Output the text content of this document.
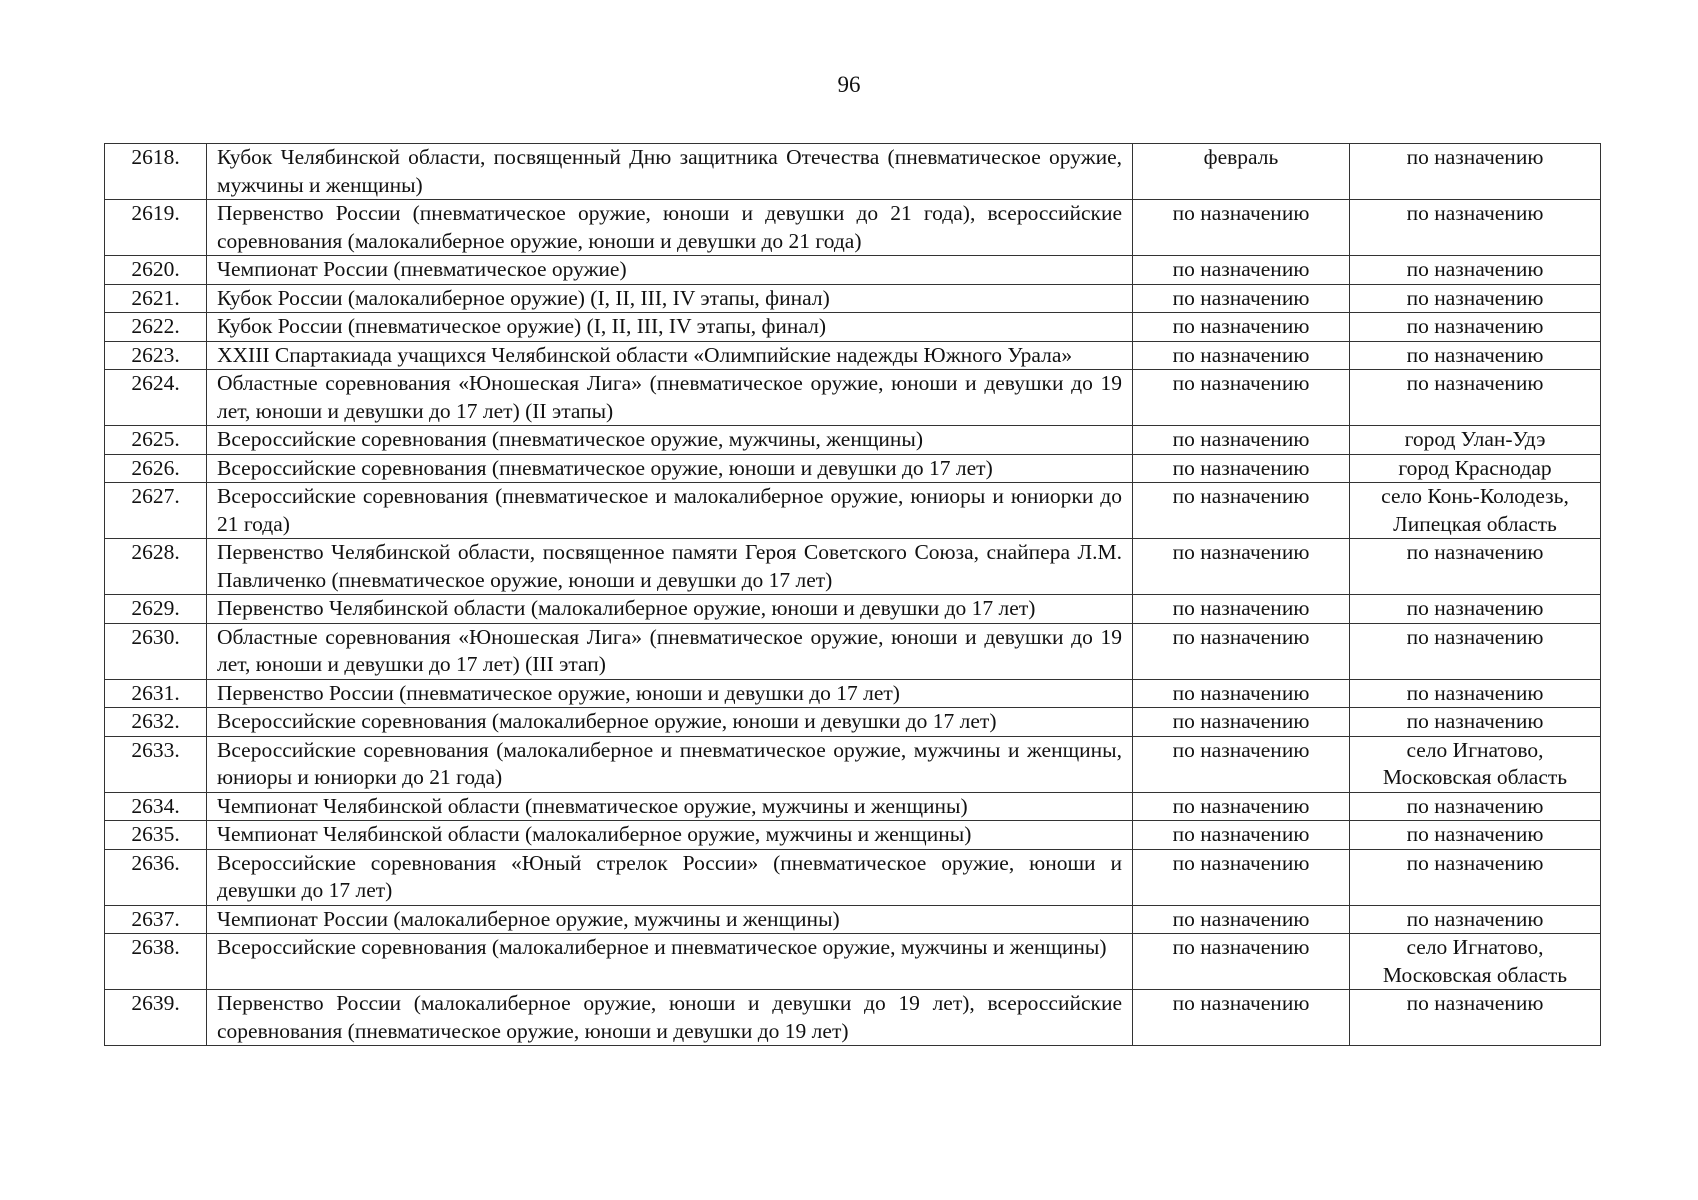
96
2618.	Кубок Челябинской области, посвященный Дню защитника Отечества (пневматическое оружие, мужчины и женщины)	февраль	по назначению

2619.	Первенство России (пневматическое оружие, юноши и девушки до 21 года), всероссийские соревнования (малокалиберное оружие, юноши и девушки до 21 года)	по назначению	по назначению

2620.	Чемпионат России (пневматическое оружие)	по назначению	по назначению

2621.	Кубок России (малокалиберное оружие) (I, II, III, IV этапы, финал)	по назначению	по назначению

2622.	Кубок России (пневматическое оружие) (I, II, III, IV этапы, финал)	по назначению	по назначению

2623.	XXIII Спартакиада учащихся Челябинской области «Олимпийские надежды Южного Урала»	по назначению	по назначению

2624.	Областные соревнования «Юношеская Лига» (пневматическое оружие, юноши и девушки до 19 лет, юноши и девушки до 17 лет) (II этапы)	по назначению	по назначению

2625.	Всероссийские соревнования (пневматическое оружие, мужчины, женщины)	по назначению	город Улан-Удэ

2626.	Всероссийские соревнования (пневматическое оружие, юноши и девушки до 17 лет)	по назначению	город Краснодар

2627.	Всероссийские соревнования (пневматическое и малокалиберное оружие, юниоры и юниорки до 21 года)	по назначению	село Конь-Колодезь,
Липецкая область

2628.	Первенство Челябинской области, посвященное памяти Героя Советского Союза, снайпера Л.М. Павличенко (пневматическое оружие, юноши и девушки до 17 лет)	по назначению	по назначению

2629.	Первенство Челябинской области (малокалиберное оружие, юноши и девушки до 17 лет)	по назначению	по назначению

2630.	Областные соревнования «Юношеская Лига» (пневматическое оружие, юноши и девушки до 19 лет, юноши и девушки до 17 лет) (III этап)	по назначению	по назначению

2631.	Первенство России (пневматическое оружие, юноши и девушки до 17 лет)	по назначению	по назначению

2632.	Всероссийские соревнования (малокалиберное оружие, юноши и девушки до 17 лет)	по назначению	по назначению

2633.	Всероссийские соревнования (малокалиберное и пневматическое оружие, мужчины и женщины, юниоры и юниорки до 21 года)	по назначению	село Игнатово,
Московская область

2634.	Чемпионат Челябинской области (пневматическое оружие, мужчины и женщины)	по назначению	по назначению

2635.	Чемпионат Челябинской области (малокалиберное оружие, мужчины и женщины)	по назначению	по назначению

2636.	Всероссийские соревнования «Юный стрелок России» (пневматическое оружие, юноши и девушки до 17 лет)	по назначению	по назначению

2637.	Чемпионат России (малокалиберное оружие, мужчины и женщины)	по назначению	по назначению

2638.	Всероссийские соревнования (малокалиберное и пневматическое оружие, мужчины и женщины)	по назначению	село Игнатово,
Московская область

2639.	Первенство России (малокалиберное оружие, юноши и девушки до 19 лет), всероссийские соревнования (пневматическое оружие, юноши и девушки до 19 лет)	по назначению	по назначению
